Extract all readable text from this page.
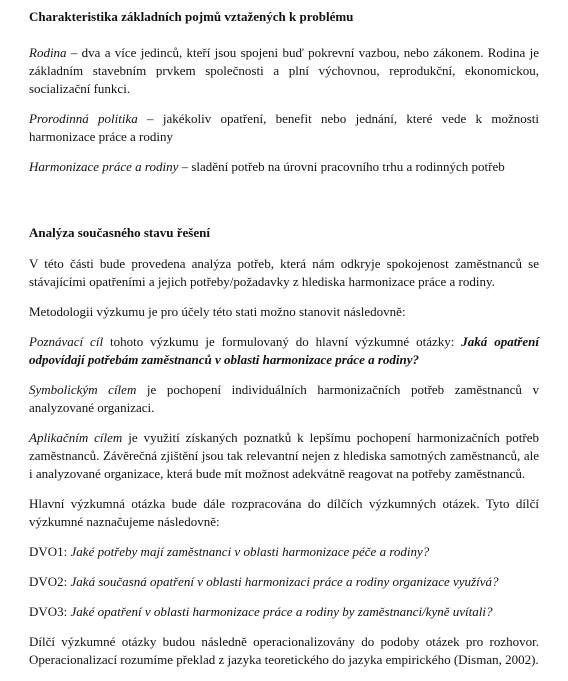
Charakteristika základních pojmů vztažených k problému

Rodina – dva a více jedinců, kteří jsou spojeni buď pokrevní vazbou, nebo zákonem. Rodina je základním stavebním prvkem společnosti a plní výchovnou, reprodukční, ekonomickou, socializační funkci.

Prorodinná politika – jakékoliv opatření, benefit nebo jednání, které vede k možnosti harmonizace práce a rodiny

Harmonizace práce a rodiny – sladění potřeb na úrovni pracovního trhu a rodinných potřeb

Analýza současného stavu řešení

V této části bude provedena analýza potřeb, která nám odkryje spokojenost zaměstnanců se stávajícími opatřeními a jejich potřeby/požadavky z hlediska harmonizace práce a rodiny.

Metodologii výzkumu je pro účely této stati možno stanovit následovně:

Poznávací cíl tohoto výzkumu je formulovaný do hlavní výzkumné otázky: Jaká opatření odpovídají potřebám zaměstnanců v oblasti harmonizace práce a rodiny?

Symbolickým cílem je pochopení individuálních harmonizačních potřeb zaměstnanců v analyzované organizaci.

Aplikačním cílem je využití získaných poznatků k lepšímu pochopení harmonizačních potřeb zaměstnanců. Závěrečná zjištění jsou tak relevantní nejen z hlediska samotných zaměstnanců, ale i analyzované organizace, která bude mít možnost adekvátně reagovat na potřeby zaměstnanců.

Hlavní výzkumná otázka bude dále rozpracována do dílčích výzkumných otázek. Tyto dílčí výzkumné naznačujeme následovně:

DVO1: Jaké potřeby mají zaměstnanci v oblasti harmonizace péče a rodiny?

DVO2: Jaká současná opatření v oblasti harmonizaci práce a rodiny organizace využívá?

DVO3: Jaké opatření v oblasti harmonizace práce a rodiny by zaměstnanci/kyně uvítali?

Dílčí výzkumné otázky budou následně operacionalizovány do podoby otázek pro rozhovor. Operacionalizací rozumíme překlad z jazyka teoretického do jazyka empirického (Disman, 2002).
